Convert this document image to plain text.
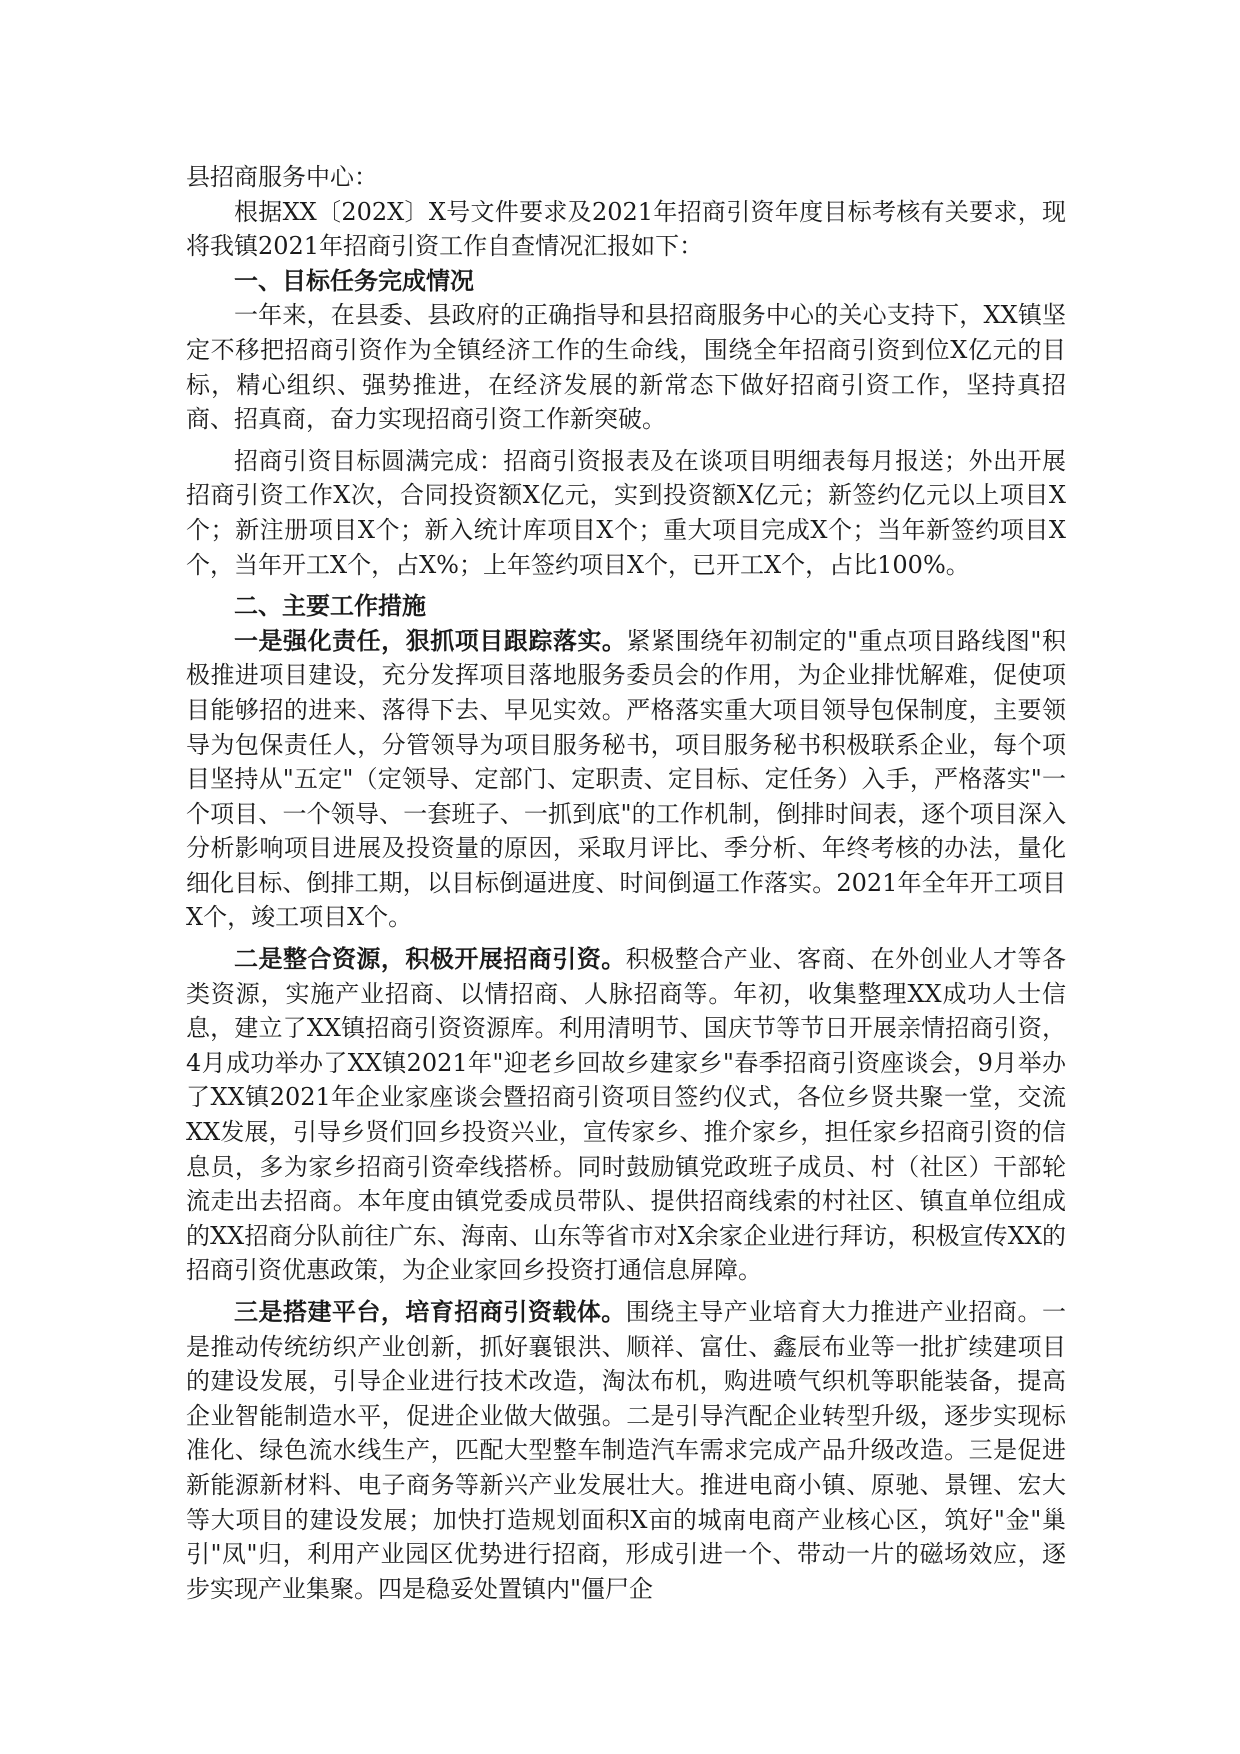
县招商服务中心：

根据XX〔202X〕X号文件要求及2021年招商引资年度目标考核有关要求，现将我镇2021年招商引资工作自查情况汇报如下：

一、目标任务完成情况

一年来，在县委、县政府的正确指导和县招商服务中心的关心支持下，XX镇坚定不移把招商引资作为全镇经济工作的生命线，围绕全年招商引资到位X亿元的目标，精心组织、强势推进，在经济发展的新常态下做好招商引资工作，坚持真招商、招真商，奋力实现招商引资工作新突破。

招商引资目标圆满完成：招商引资报表及在谈项目明细表每月报送；外出开展招商引资工作X次，合同投资额X亿元，实到投资额X亿元；新签约亿元以上项目X个；新注册项目X个；新入统计库项目X个；重大项目完成X个；当年新签约项目X个，当年开工X个，占X%；上年签约项目X个，已开工X个，占比100%。

二、主要工作措施

一是强化责任，狠抓项目跟踪落实。紧紧围绕年初制定的"重点项目路线图"积极推进项目建设，充分发挥项目落地服务委员会的作用，为企业排忧解难，促使项目能够招的进来、落得下去、早见实效。严格落实重大项目领导包保制度，主要领导为包保责任人，分管领导为项目服务秘书，项目服务秘书积极联系企业，每个项目坚持从"五定"（定领导、定部门、定职责、定目标、定任务）入手，严格落实"一个项目、一个领导、一套班子、一抓到底"的工作机制，倒排时间表，逐个项目深入分析影响项目进展及投资量的原因，采取月评比、季分析、年终考核的办法，量化细化目标、倒排工期，以目标倒逼进度、时间倒逼工作落实。2021年全年开工项目X个，竣工项目X个。

二是整合资源，积极开展招商引资。积极整合产业、客商、在外创业人才等各类资源，实施产业招商、以情招商、人脉招商等。年初，收集整理XX成功人士信息，建立了XX镇招商引资资源库。利用清明节、国庆节等节日开展亲情招商引资，4月成功举办了XX镇2021年"迎老乡回故乡建家乡"春季招商引资座谈会，9月举办了XX镇2021年企业家座谈会暨招商引资项目签约仪式，各位乡贤共聚一堂，交流XX发展，引导乡贤们回乡投资兴业，宣传家乡、推介家乡，担任家乡招商引资的信息员，多为家乡招商引资牵线搭桥。同时鼓励镇党政班子成员、村（社区）干部轮流走出去招商。本年度由镇党委成员带队、提供招商线索的村社区、镇直单位组成的XX招商分队前往广东、海南、山东等省市对X余家企业进行拜访，积极宣传XX的招商引资优惠政策，为企业家回乡投资打通信息屏障。

三是搭建平台，培育招商引资载体。围绕主导产业培育大力推进产业招商。一是推动传统纺织产业创新，抓好襄银洪、顺祥、富仕、鑫辰布业等一批扩续建项目的建设发展，引导企业进行技术改造，淘汰布机，购进喷气织机等职能装备，提高企业智能制造水平，促进企业做大做强。二是引导汽配企业转型升级，逐步实现标准化、绿色流水线生产，匹配大型整车制造汽车需求完成产品升级改造。三是促进新能源新材料、电子商务等新兴产业发展壮大。推进电商小镇、原驰、景锂、宏大等大项目的建设发展；加快打造规划面积X亩的城南电商产业核心区，筑好"金"巢引"凤"归，利用产业园区优势进行招商，形成引进一个、带动一片的磁场效应，逐步实现产业集聚。四是稳妥处置镇内"僵尸企
